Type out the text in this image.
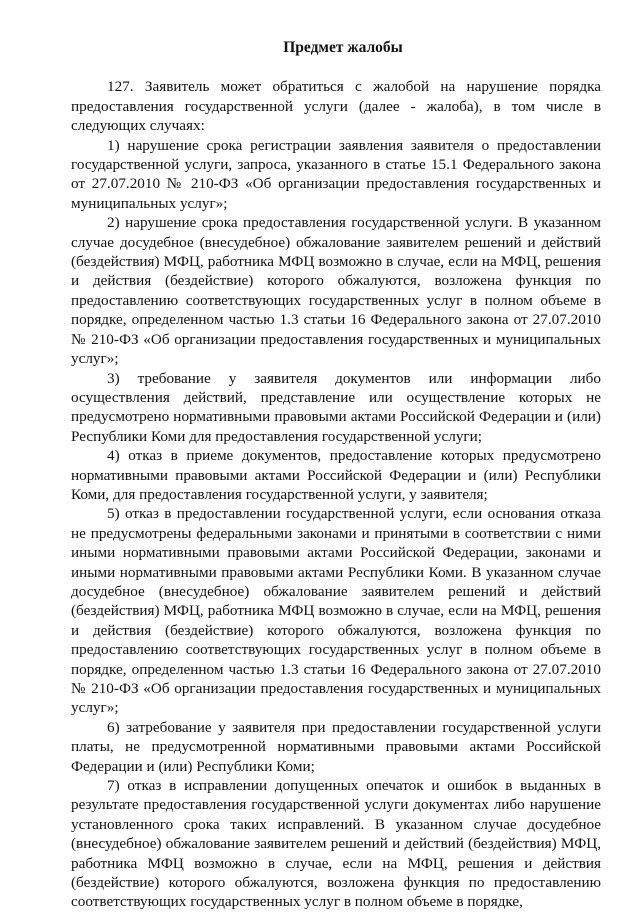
Предмет жалобы

127. Заявитель может обратиться с жалобой на нарушение порядка предоставления государственной услуги (далее - жалоба), в том числе в следующих случаях:

1) нарушение срока регистрации заявления заявителя о предоставлении государственной услуги, запроса, указанного в статье 15.1 Федерального закона от 27.07.2010 № 210-ФЗ «Об организации предоставления государственных и муниципальных услуг»;

2) нарушение срока предоставления государственной услуги. В указанном случае досудебное (внесудебное) обжалование заявителем решений и действий (бездействия) МФЦ, работника МФЦ возможно в случае, если на МФЦ, решения и действия (бездействие) которого обжалуются, возложена функция по предоставлению соответствующих государственных услуг в полном объеме в порядке, определенном частью 1.3 статьи 16 Федерального закона от 27.07.2010 № 210-ФЗ «Об организации предоставления государственных и муниципальных услуг»;

3) требование у заявителя документов или информации либо осуществления действий, представление или осуществление которых не предусмотрено нормативными правовыми актами Российской Федерации и (или) Республики Коми для предоставления государственной услуги;

4) отказ в приеме документов, предоставление которых предусмотрено нормативными правовыми актами Российской Федерации и (или) Республики Коми, для предоставления государственной услуги, у заявителя;

5) отказ в предоставлении государственной услуги, если основания отказа не предусмотрены федеральными законами и принятыми в соответствии с ними иными нормативными правовыми актами Российской Федерации, законами и иными нормативными правовыми актами Республики Коми. В указанном случае досудебное (внесудебное) обжалование заявителем решений и действий (бездействия) МФЦ, работника МФЦ возможно в случае, если на МФЦ, решения и действия (бездействие) которого обжалуются, возложена функция по предоставлению соответствующих государственных услуг в полном объеме в порядке, определенном частью 1.3 статьи 16 Федерального закона от 27.07.2010 № 210-ФЗ «Об организации предоставления государственных и муниципальных услуг»;

6) затребование у заявителя при предоставлении государственной услуги платы, не предусмотренной нормативными правовыми актами Российской Федерации и (или) Республики Коми;

7) отказ в исправлении допущенных опечаток и ошибок в выданных в результате предоставления государственной услуги документах либо нарушение установленного срока таких исправлений. В указанном случае досудебное (внесудебное) обжалование заявителем решений и действий (бездействия) МФЦ, работника МФЦ возможно в случае, если на МФЦ, решения и действия (бездействие) которого обжалуются, возложена функция по предоставлению соответствующих государственных услуг в полном объеме в порядке,
